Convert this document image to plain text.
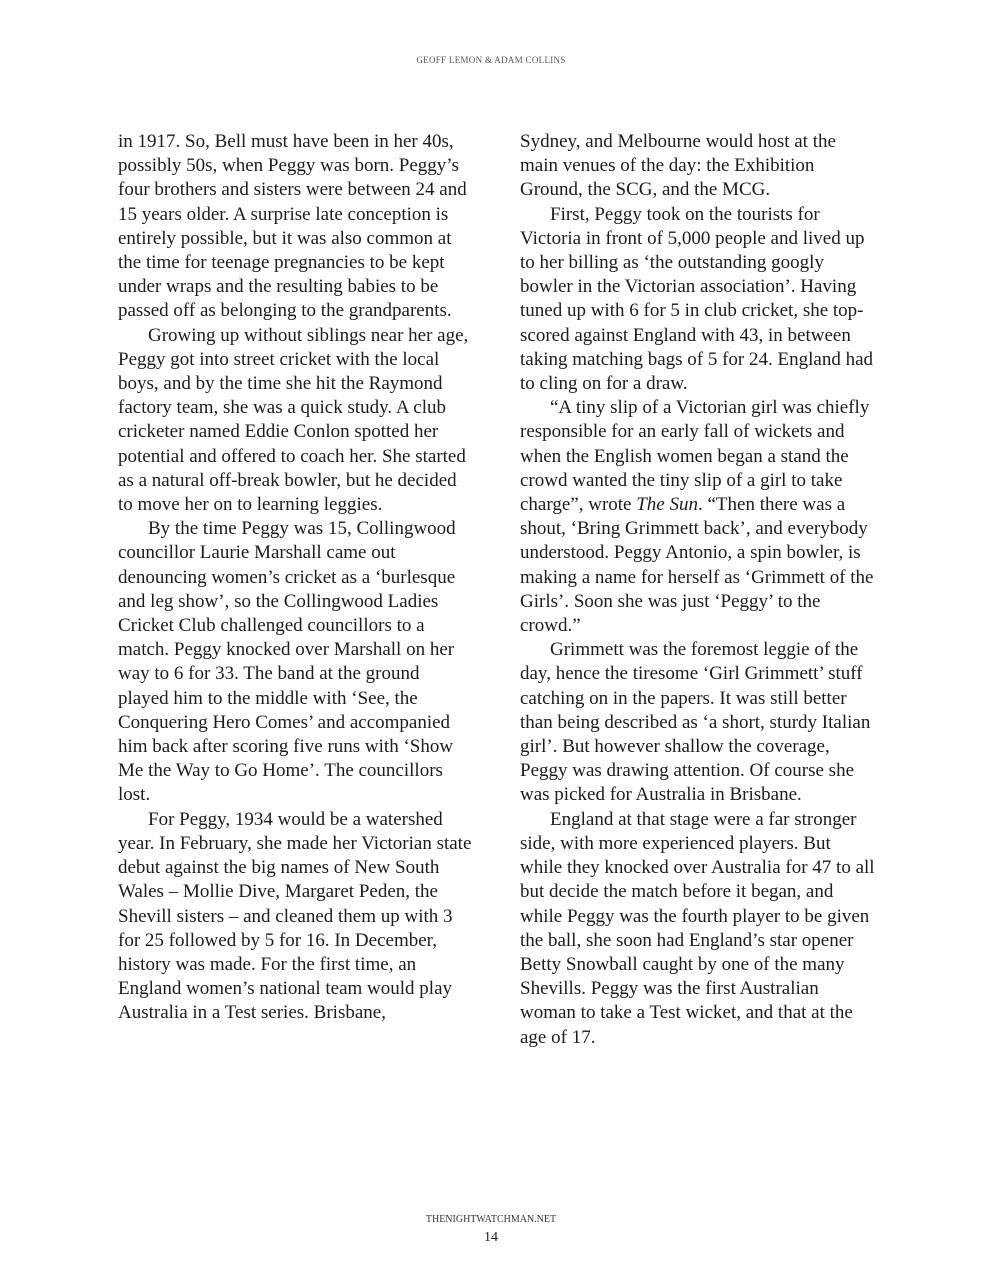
GEOFF LEMON & ADAM COLLINS

in 1917. So, Bell must have been in her 40s, possibly 50s, when Peggy was born. Peggy’s four brothers and sisters were between 24 and 15 years older. A surprise late conception is entirely possible, but it was also common at the time for teenage pregnancies to be kept under wraps and the resulting babies to be passed off as belonging to the grandparents.

Growing up without siblings near her age, Peggy got into street cricket with the local boys, and by the time she hit the Raymond factory team, she was a quick study. A club cricketer named Eddie Conlon spotted her potential and offered to coach her. She started as a natural off-break bowler, but he decided to move her on to learning leggies.

By the time Peggy was 15, Collingwood councillor Laurie Marshall came out denouncing women’s cricket as a ‘burlesque and leg show’, so the Collingwood Ladies Cricket Club challenged councillors to a match. Peggy knocked over Marshall on her way to 6 for 33. The band at the ground played him to the middle with ‘See, the Conquering Hero Comes’ and accompanied him back after scoring five runs with ‘Show Me the Way to Go Home’. The councillors lost.

For Peggy, 1934 would be a watershed year. In February, she made her Victorian state debut against the big names of New South Wales – Mollie Dive, Margaret Peden, the Shevill sisters – and cleaned them up with 3 for 25 followed by 5 for 16. In December, history was made. For the first time, an England women’s national team would play Australia in a Test series. Brisbane,

Sydney, and Melbourne would host at the main venues of the day: the Exhibition Ground, the SCG, and the MCG.

First, Peggy took on the tourists for Victoria in front of 5,000 people and lived up to her billing as ‘the outstanding googly bowler in the Victorian association’. Having tuned up with 6 for 5 in club cricket, she top-scored against England with 43, in between taking matching bags of 5 for 24. England had to cling on for a draw.

“A tiny slip of a Victorian girl was chiefly responsible for an early fall of wickets and when the English women began a stand the crowd wanted the tiny slip of a girl to take charge”, wrote The Sun. “Then there was a shout, ‘Bring Grimmett back’, and everybody understood. Peggy Antonio, a spin bowler, is making a name for herself as ‘Grimmett of the Girls’. Soon she was just ‘Peggy’ to the crowd.”

Grimmett was the foremost leggie of the day, hence the tiresome ‘Girl Grimmett’ stuff catching on in the papers. It was still better than being described as ‘a short, sturdy Italian girl’. But however shallow the coverage, Peggy was drawing attention. Of course she was picked for Australia in Brisbane.

England at that stage were a far stronger side, with more experienced players. But while they knocked over Australia for 47 to all but decide the match before it began, and while Peggy was the fourth player to be given the ball, she soon had England’s star opener Betty Snowball caught by one of the many Shevills. Peggy was the first Australian woman to take a Test wicket, and that at the age of 17.

THENIGHTWATCHMAN.NET
14
